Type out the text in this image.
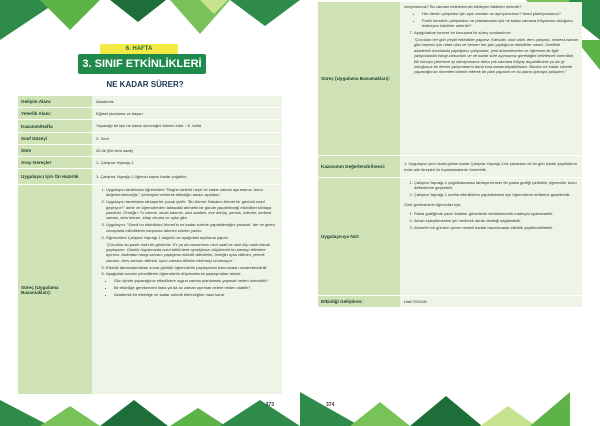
6. HAFTA
3. SINIF ETKİNLİKLERİ
NE KADAR SÜRER?
Gelişim Alanı:	Akademik
Yeterlik Alanı:	Eğitsel planlama ve başarı
Kazanım/Hafta	Yapacağı bir işin ne kadar süreceğini tahmin eder. / 6. hafta
Sınıf Düzeyi	3. Sınıf
Süre	40 dk (Bir ders saati)
Araç-Gereçler	1. Çalışma Yaprağı-1
Uygulayıcı İçin Ön Hazırlık	1. Çalışma Yaprağı-1 öğrenci sayısı kadar çoğaltılır.
Süreç (Uygulama Basamakları):
1. Uygulayıcı tarafından öğrencilere "Bugün sizlerle neye ne kadar zaman ayırmamız, bunu değerlendireceğiz." yönergesi verilerek etkinliğin amacı açıklanır.
2. Uygulayıcı tarafından tahtaya bir çocuk çizilir. "Bu Ahmet. Bakalım Ahmet bir gününü nasıl geçiriyor?" denir ve öğrencilerden tahtadaki ahmetin bir günde yapabileceği etkinlikler tahtaya yazdırılır. Örneğin: Tv izleme, okula hazırlık, okul saatleri, eve dönüş, yemek, ödevler, serbest zaman, ders tekrarı, kitap okuma ve uyku gibi.
3. Uygulayıcı: "Şimdi bu etkinlikleri Ahmet'in ne kadar sürede yapabileceğini yazalım" der ve gelen cevaplarla etkinliklerin karşısına tahmini süreler yazılır.
4. Öğrencilere Çalışma Yaprağı-1 dağıtılır ve aşağıdaki açıklama yapılır:

"Çocuklar bu paste sizin bir gününüz. Ev ya da zamanınızı okul saati ve okul dışı vakit olarak paylaştırın. Günlük hayatınızda nasıl bölümlere ayırdığınızı düşünerek bu pastayı dilimlere ayırınız. Ardından hangi zamanı yaptığınız etkinlik dilimlerini, örneğin uyku dilimini, yemek zamanı, ders zamanı dilimini, oyun zamanı dilimini eklemeyi unutmayın."

5. Etkinlik tamamlandıktan sonra gönüllü öğrencilerin paylaşımda bulunmaları cesaretlendirilir.
6. Aşağıdaki sorular yöneltilerek öğrencilerin düşüncelerini paylaşmaları istenir:
• Gün içinde yapacağınız etkinliklere uygun zaman planlaması yapmak neden önemlidir?
• Bir etkinliğe gerekenden fazla ya da az zaman ayırmak nelere neden olabilir?
• Akademik bir etkinliğe ne kadar sürede bitireceğine nasıl karar
373
Süreç (Uygulama Basamakları):

veriyorsunuz? Bu zamanı belirlemenizi etkileyen faktörler nelerdir?

• Her dersin çalışması için aynı zamanı mı ayırıyorsunuz? Nasıl planlıyorsunuz?
• Farklı derslerin çalışmaları ve planlamaları için ne kadar zamana ihtiyacınız olduğunu belirleyen faktörler nelerdir?
7. Aşağıdakine benzer bir konuşma ile süreç sonlandırılır:

"Çocuklar her gün çeşitli etkinlikler yaparız. Kahvaltı, okul vakti, ders çalışma, serbest zaman gibi hepimiz için ortak olan ve hemen her gün yaptığımız etkinlikler vardır. Özellikle akademik konularda yaptığımız çalışmalar, yeni düzenlemeler ve öğrenme ile ilgili çalışmalarda hangi zamanları ve ne kadar süre ayırmamız gerektiğini belirlemek önemlidir. Bir konuyu yeterince iyi bilmiyorsanız daha çok zamana ihtiyaç duyabilirsiniz ya da iyi olduğunuz bir dersin çalışmalarını daha kısa tamamlayabilirsiniz. Bunları ne kadar sürede yapacağımızı önceden tahmin ederek bir plan yapalım ve bu plana uymaya çalışalım."

Kazanımın Değerlendirilmesi:
1. Uygulayıcı yeni okula gelme kadar Çalışma Yaprağı-1'de yazanları ve bir gün içinde yaptıklarını evde aile bireyleri ile kıyaslamalarını önerebilir.
Uygulayıcıya Not:
1. Çalışma Yaprağı-1 çoğaltılamazsa tahtaya benzer bir pasta grafiği çizilebilir, öğrenciler bunu defterlerine geçirebilir.
2. Çalışma Yaprağı-1 sınıfta etkinliklerin yapılabilmesi için öğrencilerin defterine geçirilebilir.

Özel gereksinimli öğrenciler için;

1. Pasta grafiğinde yazılı ifadeler görsellerle desteklenerek materyal uyarlanabilir.
2. Akran eşleştirmesine yer verilerek akran desteği sağlanabilir.
3. Ahmet'in bir gününü içeren resimli kartlar hazırlanarak etkinlik çeşitlendirilebilir.
Etkinliği Geliştiren:	Halil ÖZKAN
374
